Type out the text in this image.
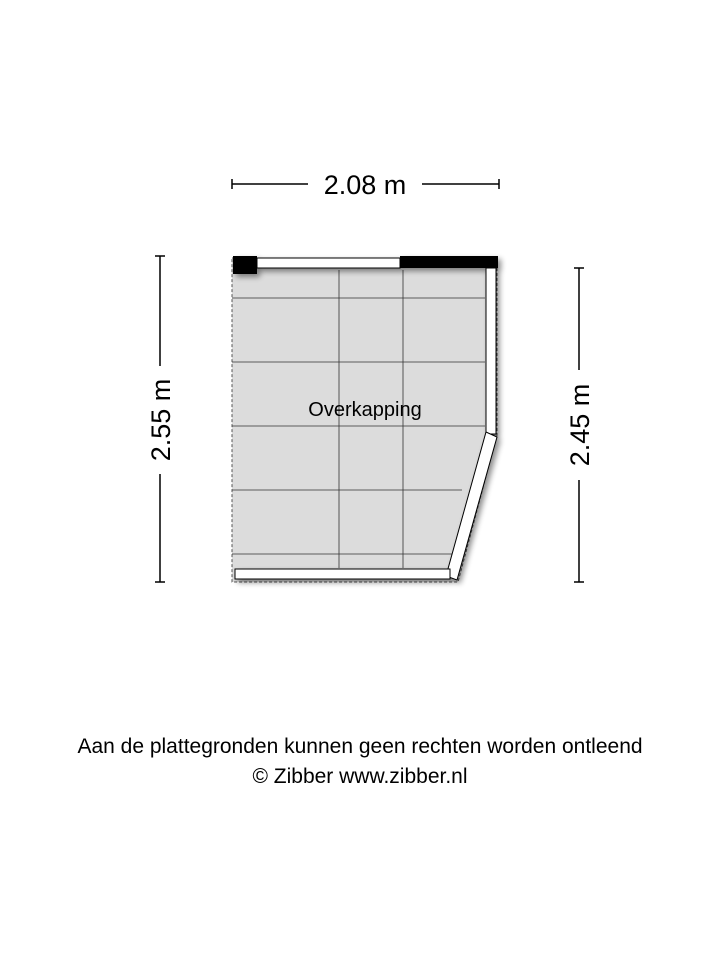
2.08 m
2.55 m	2.45 m
Overkapping

Aan de plattegronden kunnen geen rechten worden ontleend

© Zibber www.zibber.nl
